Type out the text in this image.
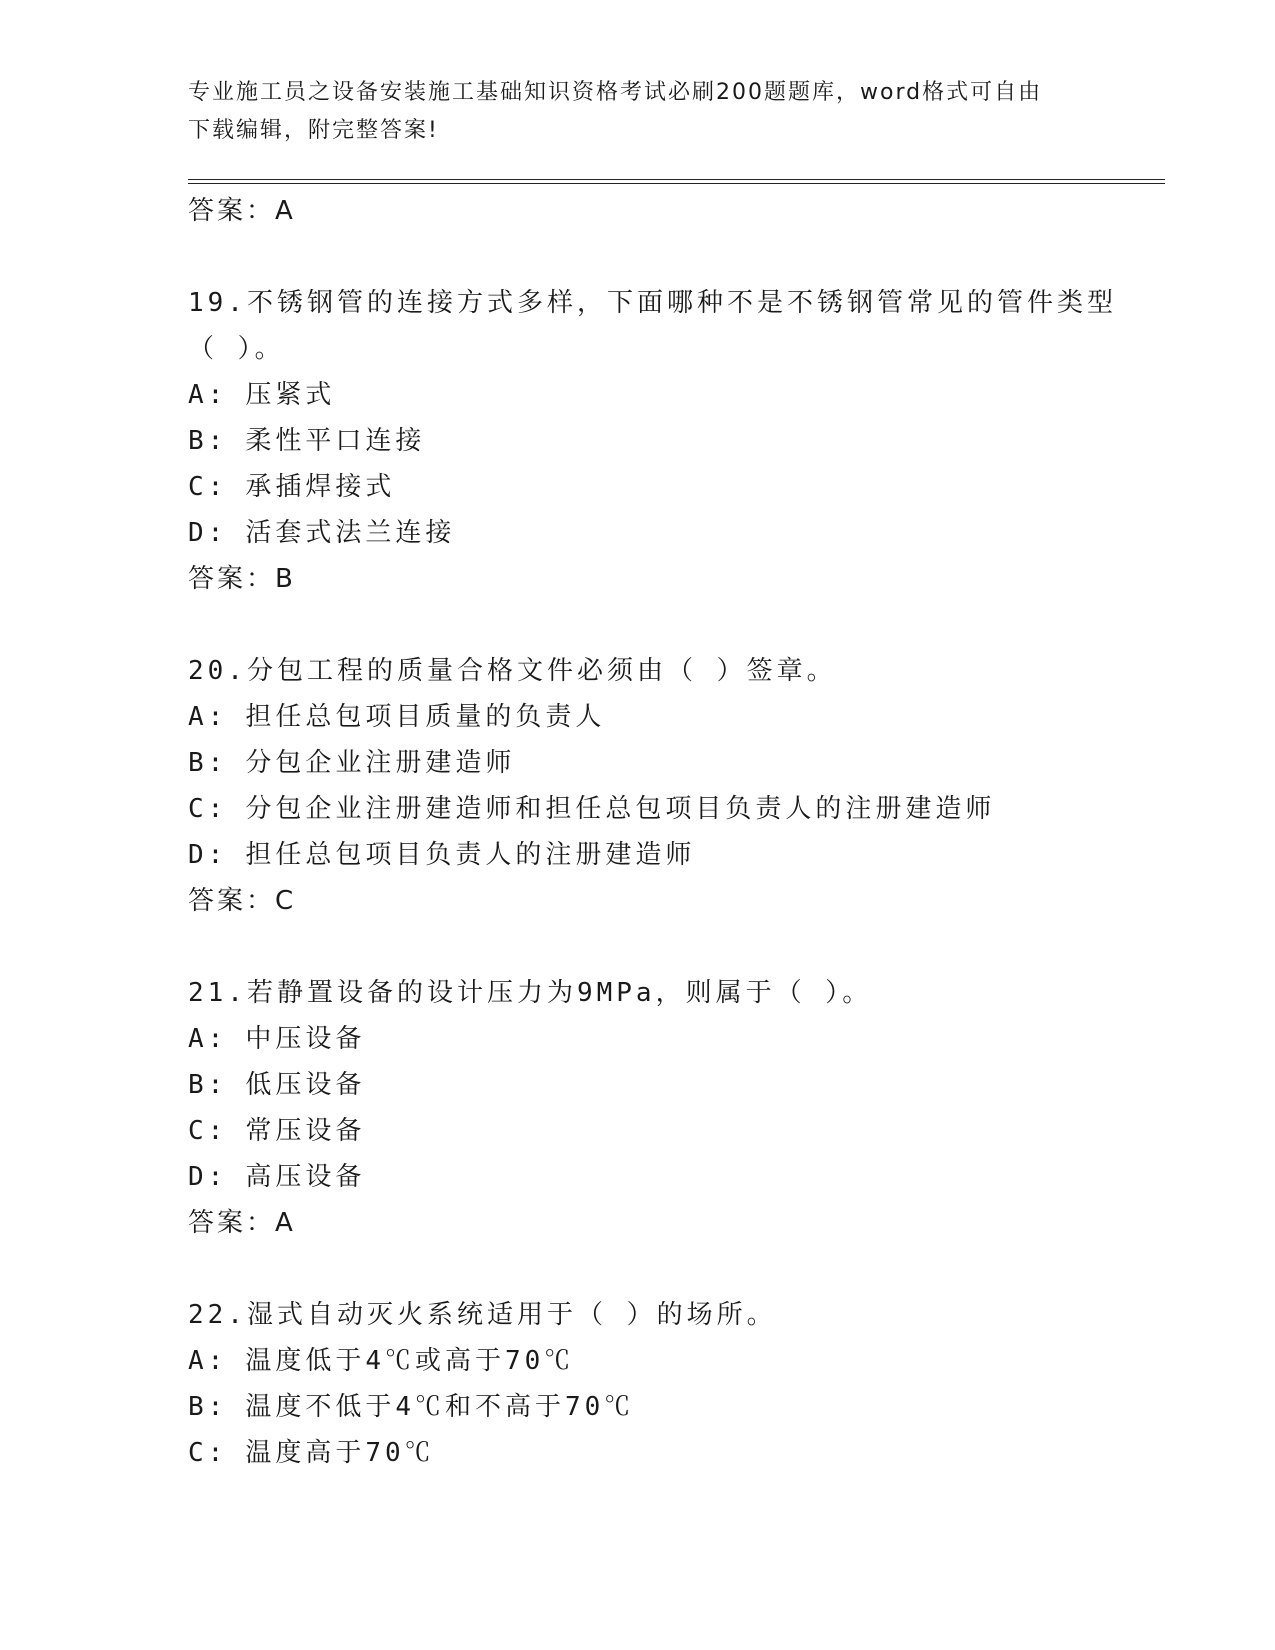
专业施工员之设备安装施工基础知识资格考试必刷200题题库，word格式可自由
下载编辑，附完整答案!
答案：A
19.不锈钢管的连接方式多样，下面哪种不是不锈钢管常见的管件类型
（ ）。
A: 压紧式
B: 柔性平口连接
C: 承插焊接式
D: 活套式法兰连接
答案：B
20.分包工程的质量合格文件必须由（ ）签章。
A: 担任总包项目质量的负责人
B: 分包企业注册建造师
C: 分包企业注册建造师和担任总包项目负责人的注册建造师
D: 担任总包项目负责人的注册建造师
答案：C
21.若静置设备的设计压力为9MPa，则属于（ ）。
A: 中压设备
B: 低压设备
C: 常压设备
D: 高压设备
答案：A
22.湿式自动灭火系统适用于（ ）的场所。
A: 温度低于4℃或高于70℃
B: 温度不低于4℃和不高于70℃
C: 温度高于70℃
